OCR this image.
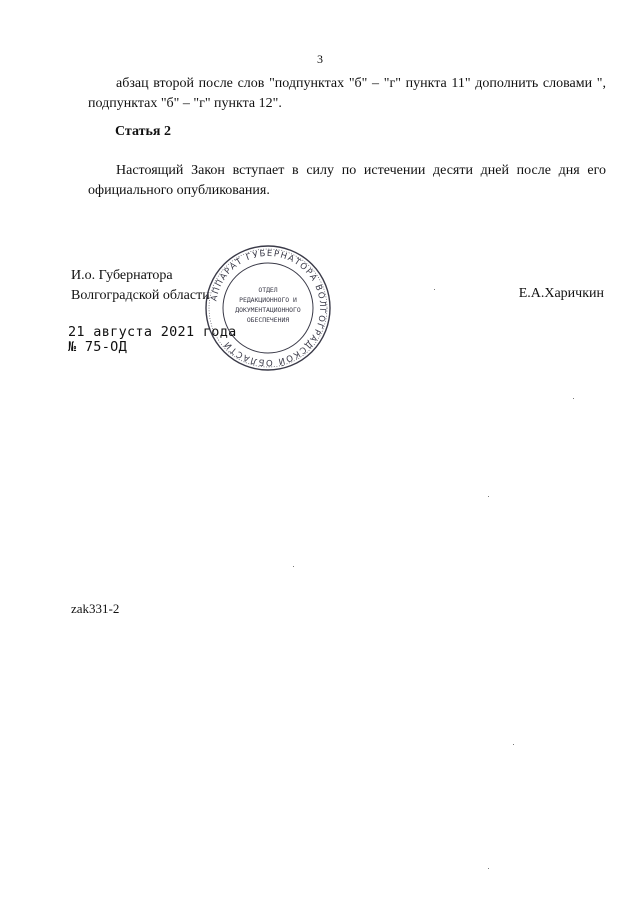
3

абзац второй после слов "подпунктах "б" – "г" пункта 11" дополнить словами ", подпунктах "б" – "г" пункта 12".

Статья 2

Настоящий Закон вступает в силу по истечении десяти дней после дня его официального опубликования.

И.о. Губернатора
Волгоградской области АППАРАТ ГУБЕРНАТОРА ВОЛГОГРАДСКОЙ ОБЛАСТИ
ОТДЕЛ
РЕДАКЦИОННОГО И
ДОКУМЕНТАЦИОННОГО
ОБЕСПЕЧЕНИЯ
Е.А.Харичкин
21 августа 2021 года
№ 75-ОД
zak331-2
